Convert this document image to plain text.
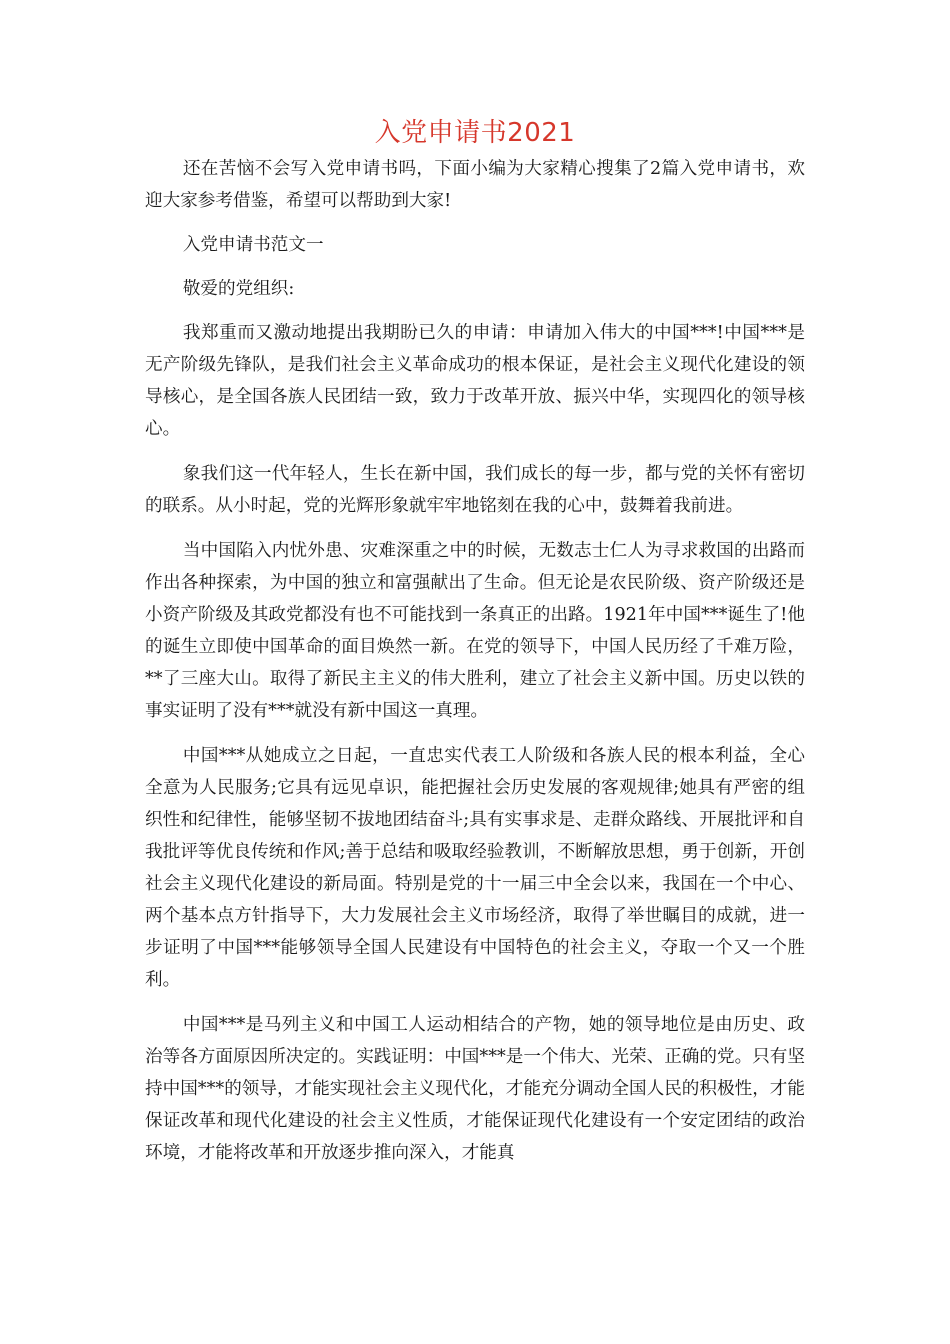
入党申请书2021

还在苦恼不会写入党申请书吗，下面小编为大家精心搜集了2篇入党申请书，欢迎大家参考借鉴，希望可以帮助到大家!

入党申请书范文一

敬爱的党组织:

我郑重而又激动地提出我期盼已久的申请：申请加入伟大的中国***!中国***是无产阶级先锋队，是我们社会主义革命成功的根本保证，是社会主义现代化建设的领导核心，是全国各族人民团结一致，致力于改革开放、振兴中华，实现四化的领导核心。

象我们这一代年轻人，生长在新中国，我们成长的每一步，都与党的关怀有密切的联系。从小时起，党的光辉形象就牢牢地铭刻在我的心中，鼓舞着我前进。

当中国陷入内忧外患、灾难深重之中的时候，无数志士仁人为寻求救国的出路而作出各种探索，为中国的独立和富强献出了生命。但无论是农民阶级、资产阶级还是小资产阶级及其政党都没有也不可能找到一条真正的出路。1921年中国***诞生了!他的诞生立即使中国革命的面目焕然一新。在党的领导下，中国人民历经了千难万险，**了三座大山。取得了新民主主义的伟大胜利，建立了社会主义新中国。历史以铁的事实证明了没有***就没有新中国这一真理。

中国***从她成立之日起，一直忠实代表工人阶级和各族人民的根本利益，全心全意为人民服务;它具有远见卓识，能把握社会历史发展的客观规律;她具有严密的组织性和纪律性，能够坚韧不拔地团结奋斗;具有实事求是、走群众路线、开展批评和自我批评等优良传统和作风;善于总结和吸取经验教训，不断解放思想，勇于创新，开创社会主义现代化建设的新局面。特别是党的十一届三中全会以来，我国在一个中心、两个基本点方针指导下，大力发展社会主义市场经济，取得了举世瞩目的成就，进一步证明了中国***能够领导全国人民建设有中国特色的社会主义，夺取一个又一个胜利。

中国***是马列主义和中国工人运动相结合的产物，她的领导地位是由历史、政治等各方面原因所决定的。实践证明：中国***是一个伟大、光荣、正确的党。只有坚持中国***的领导，才能实现社会主义现代化，才能充分调动全国人民的积极性，才能保证改革和现代化建设的社会主义性质，才能保证现代化建设有一个安定团结的政治环境，才能将改革和开放逐步推向深入，才能真
